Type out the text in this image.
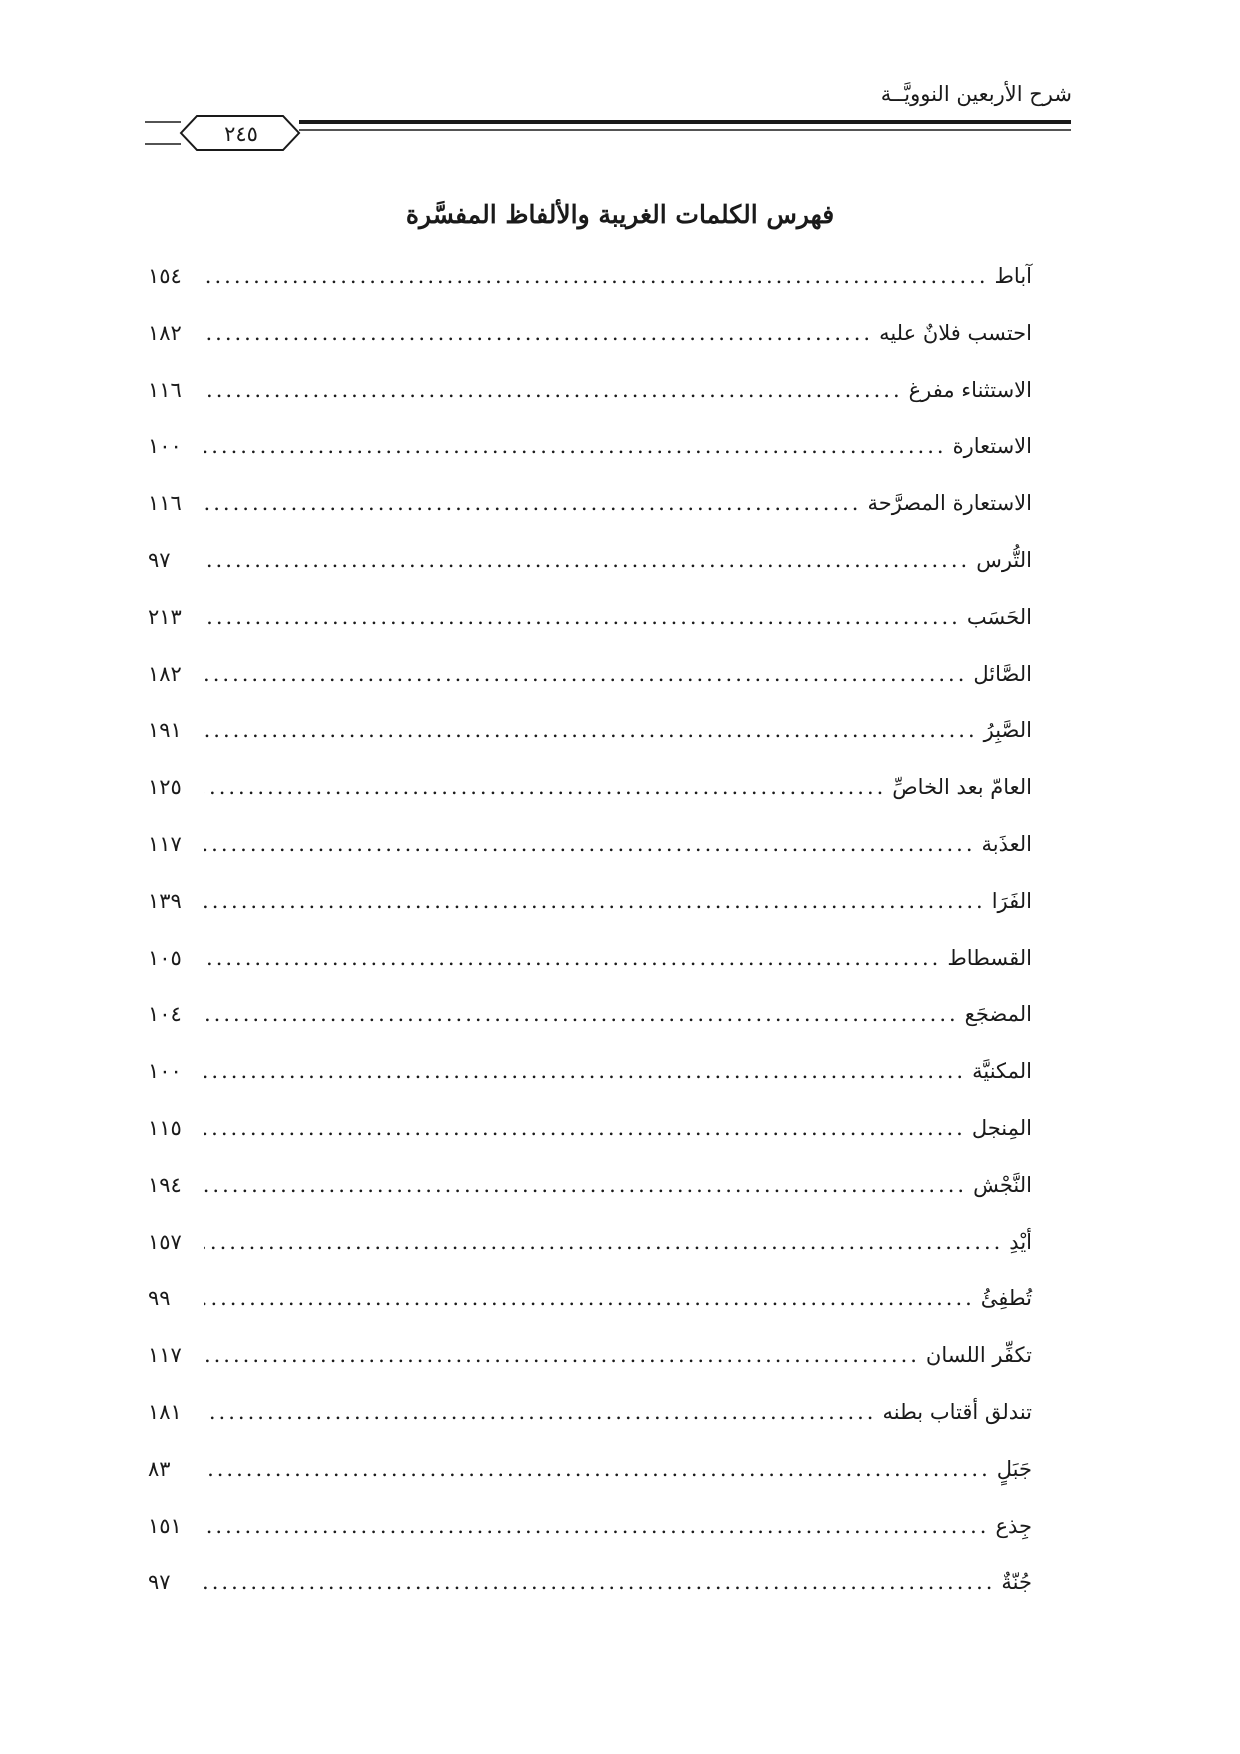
شرح الأربعين النوويَّــة
٢٤٥
فهرس الكلمات الغريبة والألفاظ المفسَّرة
آباط
.....
١٥٤
احتسب فلانٌ عليه
.....
١٨٢
الاستثناء مفرغ
.....
١١٦
الاستعارة
.....
١٠٠
الاستعارة المصرَّحة
.....
١١٦
التُّرس
.....
٩٧
الحَسَب
.....
٢١٣
الصَّائل
.....
١٨٢
الصَّبِرُ
.....
١٩١
العامّ بعد الخاصِّ
.....
١٢٥
العذَبة
.....
١١٧
الفَرَا
.....
١٣٩
القسطاط
.....
١٠٥
المضجَع
.....
١٠٤
المكنيَّة
.....
١٠٠
المِنجل
.....
١١٥
النَّجْش
.....
١٩٤
أيْدِ
.....
١٥٧
تُطفِئُ
.....
٩٩
تكفِّر اللسان
.....
١١٧
تندلق أقتاب بطنه
.....
١٨١
جَبَلٍ
.....
٨٣
جِذع
.....
١٥١
جُنّةٌ
.....
٩٧
